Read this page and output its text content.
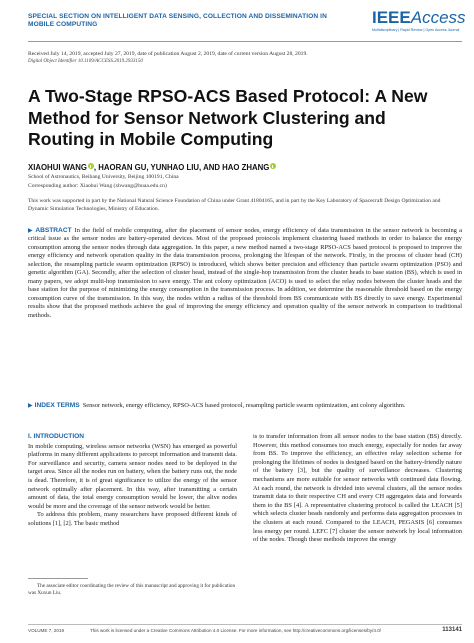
SPECIAL SECTION ON INTELLIGENT DATA SENSING, COLLECTION AND DISSEMINATION IN
MOBILE COMPUTING	IEEEAccess
Multidisciplinary | Rapid Review | Open Access Journal
Received July 14, 2019, accepted July 27, 2019, date of publication August 2, 2019, date of current version August 28, 2019.
Digital Object Identifier 10.1109/ACCESS.2019.2933150
A Two-Stage RPSO-ACS Based Protocol: A New Method for Sensor Network Clustering and Routing in Mobile Computing
XIAOHUI WANG , HAORAN GU, YUNHAO LIU, AND HAO ZHANG
School of Astronautics, Beihang University, Beijing 100191, China
Corresponding author: Xiaohui Wang (xhwang@buaa.edu.cn)
This work was supported in part by the National Natural Science Foundation of China under Grant 41804165, and in part by the Key Laboratory of Spacecraft Design Optimization and Dynamic Simulation Technologies, Ministry of Education.
▶ ABSTRACT In the field of mobile computing, after the placement of sensor nodes, energy efficiency of data transmission in the sensor network is becoming a critical issue as the sensor nodes are battery-operated devices. Most of the proposed protocols implement clustering based methods in order to balance the energy consumption among the sensor nodes through data aggregation. In this paper, a new method named a two-stage RPSO-ACS based protocol is proposed to improve the energy efficiency and network operation quality in the data transmission process, prolonging the lifespan of the network. Firstly, in the process of cluster head (CH) selection, the resampling particle swarm optimization (RPSO) is introduced, which shows better precision and efficiency than particle swarm optimization (PSO) and genetic algorithm (GA). Secondly, after the selection of cluster head, instead of the single-hop transmission from the cluster heads to base station (BS), which is used in many papers, we adopt multi-hop transmission to save energy. The ant colony optimization (ACO) is used to select the relay nodes between the cluster heads and the base station for the purpose of minimizing the energy consumption in the transmission process. In addition, we determine the reasonable threshold based on the energy consumption curve of the transmission. In this way, the nodes within a radius of the threshold from BS communicate with BS directly to save energy. Experimental results show that the proposed methods achieve the goal of improving the energy efficiency and operation quality of the sensor network in comparison to traditional methods.
▶ INDEX TERMS Sensor network, energy efficiency, RPSO-ACS based protocol, resampling particle swarm optimization, ant colony algorithm.
I. INTRODUCTION

In mobile computing, wireless sensor networks (WSN) has emerged as powerful platforms in many different applications to percept information and transmit data. For surveillance and security, camera sensor nodes need to be deployed in the target area. Since all the nodes run on battery, when the battery runs out, the node is dead. Therefore, it is of great significance to utilize the energy of the sensor network optimally after placement. In this way, after transmitting a certain amount of data, the total energy consumption would be lower, the alive nodes would be more and the coverage of the sensor network would be better.

To address this problem, many researchers have proposed different kinds of solutions [1], [2]. The basic method

is to transfer information from all sensor nodes to the base station (BS) directly. However, this method consumes too much energy, especially for nodes far away from BS. To improve the efficiency, an effective relay selection scheme for prolonging the lifetimes of nodes is designed based on the battery-friendly nature of the battery [3], but the quality of surveillance decreases. Clustering mechanisms are more suitable for sensor networks with continued data flowing. At each round, the network is divided into several clusters, all the sensor nodes transmit data to their respective CH and every CH aggregates data and forwards them to the BS [4]. A representative clustering protocol is called the LEACH [5] which selects cluster heads randomly and performs data aggregation processes in the clusters at each round. Compared to the LEACH, PEGASIS [6] consumes less energy per round. LEFC [7] cluster the sensor network by local information of the nodes. Though these methods improve the energy

The associate editor coordinating the review of this manuscript and approving it for publication was Xuxun Liu.
VOLUME 7, 2019	This work is licensed under a Creative Commons Attribution 4.0 License. For more information, see http://creativecommons.org/licenses/by/4.0/	113141
